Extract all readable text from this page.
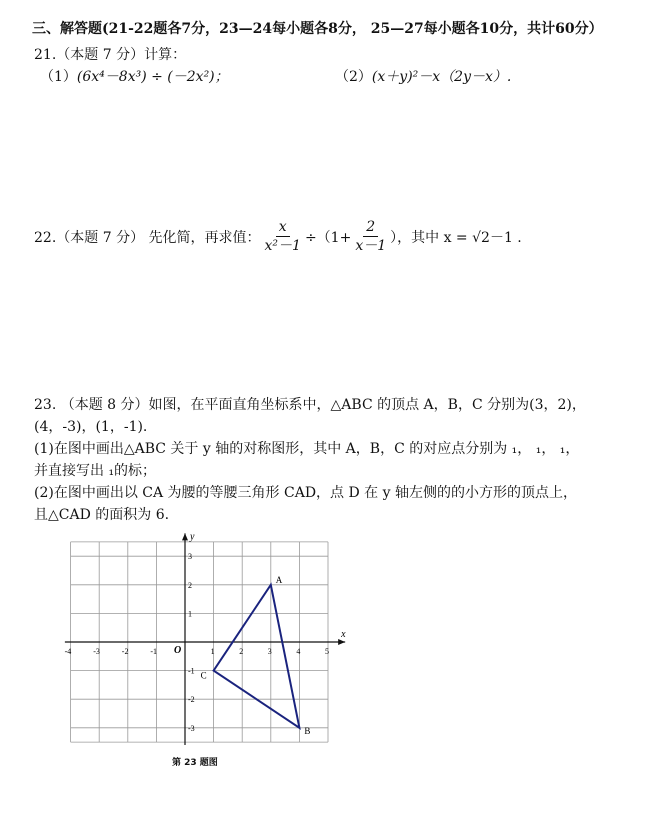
三、解答题(21-22题各7分，23—24每小题各8分， 25—27每小题各10分，共计60分）
21.（本题 7 分）计算：
（1）(6x⁴－8x³) ÷ (－2x²)；	（2）(x＋y)²－x（2y－x）.
22.（本题 7 分） 先化简，再求值： $\frac{x}{\text{x²－1}} \div(1+ \frac{2}{x-1}$ ），其中 x = √2－1 .
23. （本题 8 分）如图，在平面直角坐标系中，△ABC 的顶点 A，B，C 分别为(3，2)，
(4，-3)，(1，-1).
(1)在图中画出△ABC 关于 y 轴的对称图形，其中 A，B，C 的对应点分别为 ₁， ₁， ₁，
并直接写出 ₁的标；
(2)在图中画出以 CA 为腰的等腰三角形 CAD，点 D 在 y 轴左侧的的小方形的顶点上，
且△CAD 的面积为 6.
x
y
O
-4	-3	-2	-1	1	2	3	4	5
3
2
1
-1
-2
-3
A
B
C
第 23 题图
